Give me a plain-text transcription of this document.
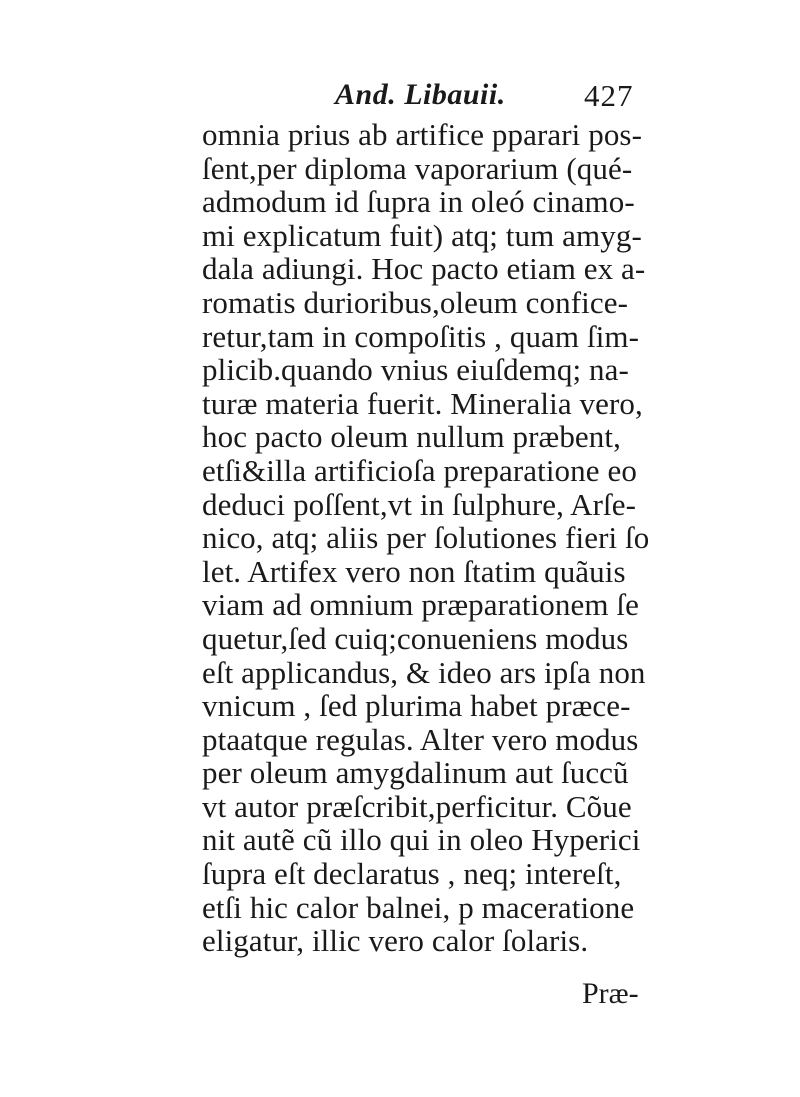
And. Libauii.	427
omnia prius ab artifice pparari pos-
ſent,per diploma vaporarium (qué-
admodum id ſupra in oleó cinamo-
mi explicatum fuit) atq; tum amyg-
dala adiungi. Hoc pacto etiam ex a-
romatis durioribus,oleum confice-
retur,tam in compoſitis , quam ſim-
plicib.quando vnius eiuſdemq; na-
turæ materia fuerit. Mineralia vero,
hoc pacto oleum nullum præbent,
etſi&illa artificioſa preparatione eo
deduci poſſent,vt in ſulphure, Arſe-
nico, atq; aliis per ſolutiones fieri ſo
let. Artifex vero non ſtatim quãuis
viam ad omnium præparationem ſe
quetur,ſed cuiq;conueniens modus
eſt applicandus, & ideo ars ipſa non
vnicum , ſed plurima habet præce-
ptaatque regulas. Alter vero modus
per oleum amygdalinum aut ſuccũ
vt autor præſcribit,perficitur. Cõue
nit autẽ cũ illo qui in oleo Hyperici
ſupra eſt declaratus , neq; intereſt,
etſi hic calor balnei, p maceratione
eligatur, illic vero calor ſolaris.
Præ-
